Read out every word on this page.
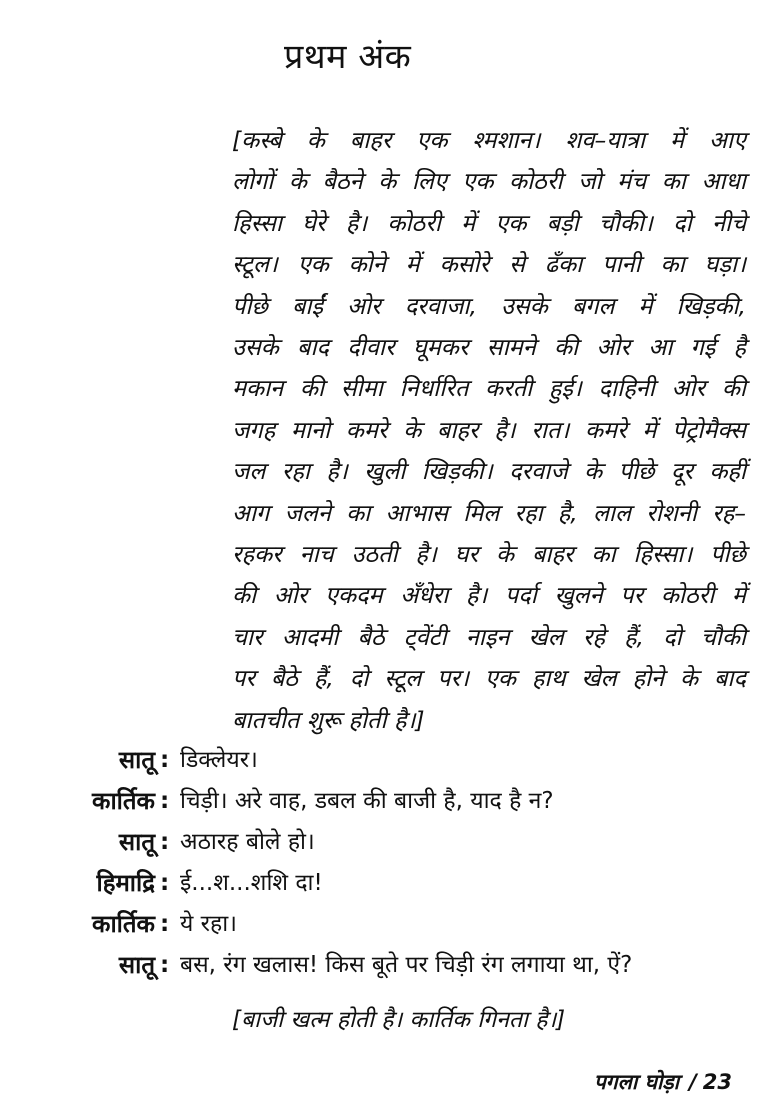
प्रथम अंक
[कस्बे के बाहर एक श्मशान। शव–यात्रा में आए
लोगों के बैठने के लिए एक कोठरी जो मंच का आधा
हिस्सा घेरे है। कोठरी में एक बड़ी चौकी। दो नीचे
स्टूल। एक कोने में कसोरे से ढँका पानी का घड़ा।
पीछे बाईं ओर दरवाजा, उसके बगल में खिड़की,
उसके बाद दीवार घूमकर सामने की ओर आ गई है
मकान की सीमा निर्धारित करती हुई। दाहिनी ओर की
जगह मानो कमरे के बाहर है। रात। कमरे में पेट्रोमैक्स
जल रहा है। खुली खिड़की। दरवाजे के पीछे दूर कहीं
आग जलने का आभास मिल रहा है, लाल रोशनी रह–
रहकर नाच उठती है। घर के बाहर का हिस्सा। पीछे
की ओर एकदम अँधेरा है। पर्दा खुलने पर कोठरी में
चार आदमी बैठे ट्वेंटी नाइन खेल रहे हैं, दो चौकी
पर बैठे हैं, दो स्टूल पर। एक हाथ खेल होने के बाद
बातचीत शुरू होती है।]
सातू : डिक्लेयर।
कार्तिक : चिड़ी। अरे वाह, डबल की बाजी है, याद है न?
सातू : अठारह बोले हो।
हिमाद्रि : ई...श...शशि दा!
कार्तिक : ये रहा।
सातू : बस, रंग खलास! किस बूते पर चिड़ी रंग लगाया था, ऐं?
[बाजी खत्म होती है। कार्तिक गिनता है।]
पगला घोड़ा / 23
